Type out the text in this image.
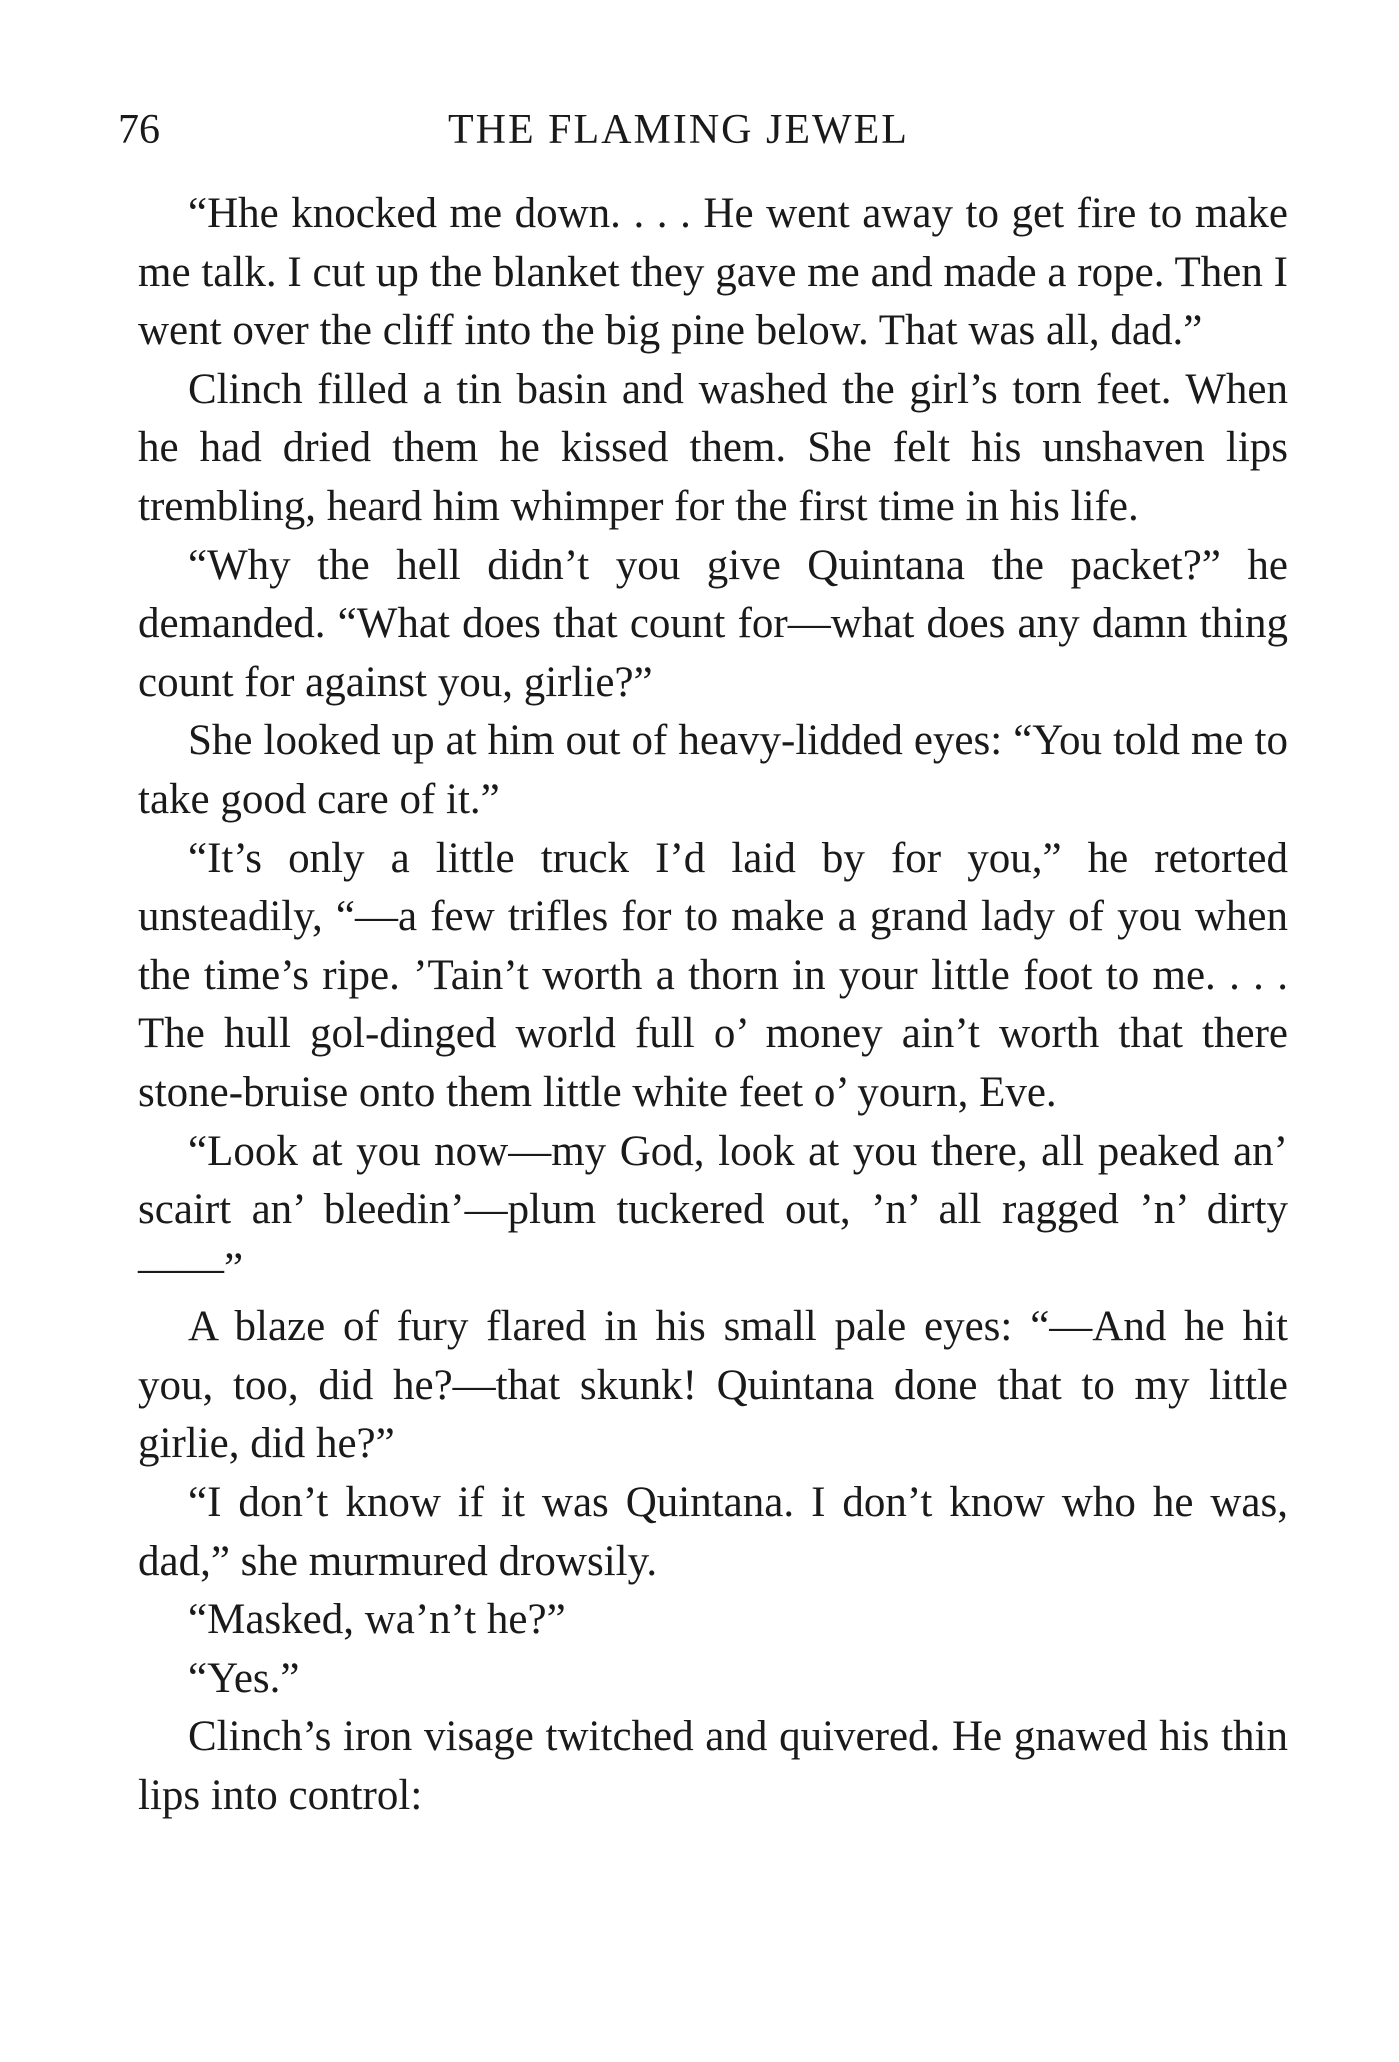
76	THE FLAMING JEWEL

“Hhe knocked me down. . . . He went away to get fire to make me talk. I cut up the blanket they gave me and made a rope. Then I went over the cliff into the big pine below. That was all, dad.”

Clinch filled a tin basin and washed the girl’s torn feet. When he had dried them he kissed them. She felt his unshaven lips trembling, heard him whimper for the first time in his life.

“Why the hell didn’t you give Quintana the packet?” he demanded. “What does that count for—what does any damn thing count for against you, girlie?”

She looked up at him out of heavy-lidded eyes: “You told me to take good care of it.”

“It’s only a little truck I’d laid by for you,” he retorted unsteadily, “—a few trifles for to make a grand lady of you when the time’s ripe. ’Tain’t worth a thorn in your little foot to me. . . . The hull gol-dinged world full o’ money ain’t worth that there stone-bruise onto them little white feet o’ yourn, Eve.

“Look at you now—my God, look at you there, all peaked an’ scairt an’ bleedin’—plum tuckered out, ’n’ all ragged ’n’ dirty——”

A blaze of fury flared in his small pale eyes: “—And he hit you, too, did he?—that skunk! Quintana done that to my little girlie, did he?”

“I don’t know if it was Quintana. I don’t know who he was, dad,” she murmured drowsily.

“Masked, wa’n’t he?”

“Yes.”

Clinch’s iron visage twitched and quivered. He gnawed his thin lips into control:
